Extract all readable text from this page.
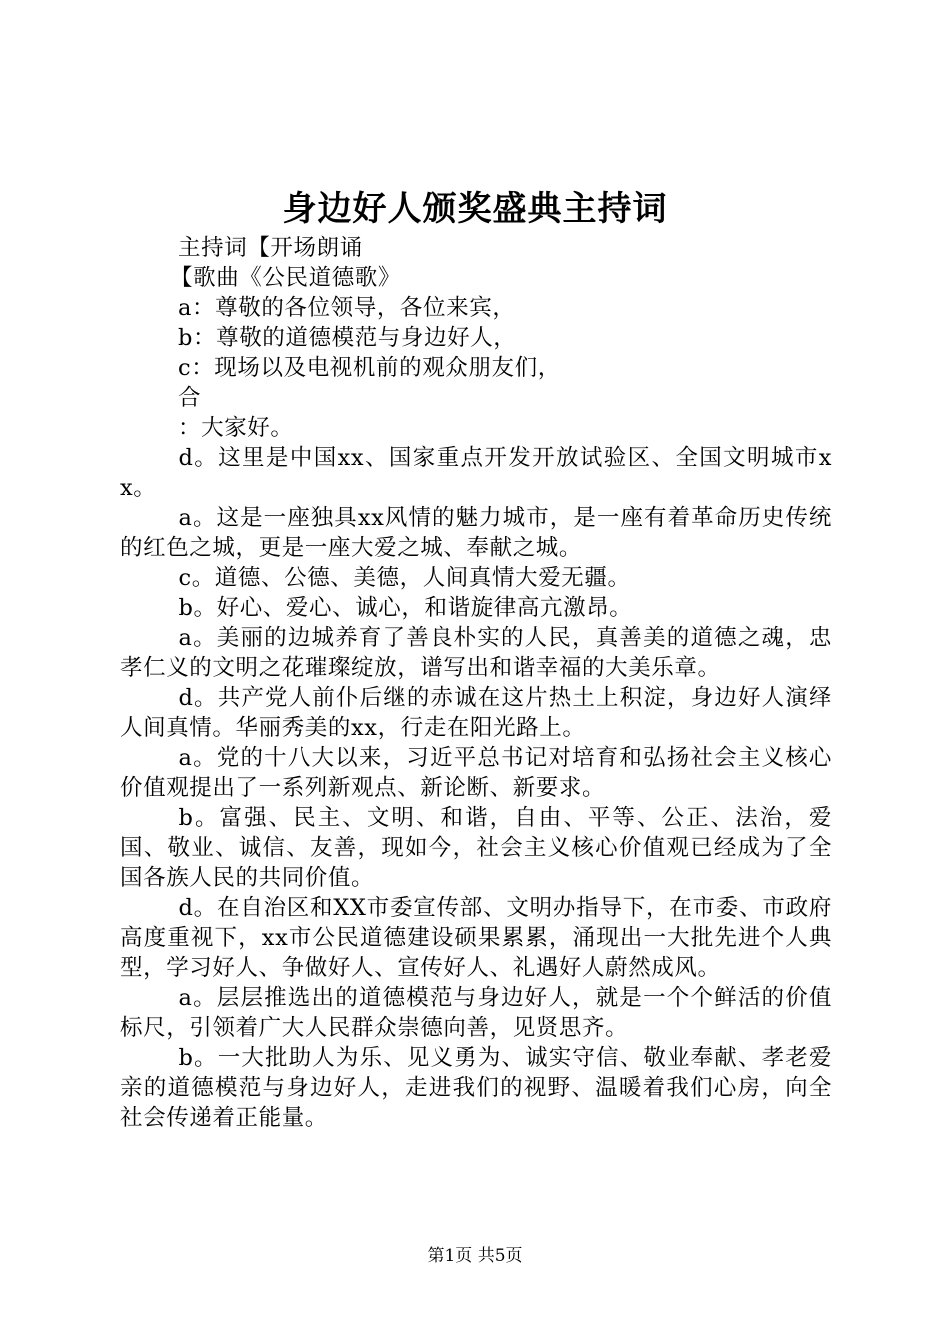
身边好人颁奖盛典主持词

主持词【开场朗诵

【歌曲《公民道德歌》

a：尊敬的各位领导，各位来宾，

b：尊敬的道德模范与身边好人，

c：现场以及电视机前的观众朋友们，

合

：大家好。

d。这里是中国xx、国家重点开发开放试验区、全国文明城市xx。

a。这是一座独具xx风情的魅力城市，是一座有着革命历史传统的红色之城，更是一座大爱之城、奉献之城。

c。道德、公德、美德，人间真情大爱无疆。

b。好心、爱心、诚心，和谐旋律高亢激昂。

a。美丽的边城养育了善良朴实的人民，真善美的道德之魂，忠孝仁义的文明之花璀璨绽放，谱写出和谐幸福的大美乐章。

d。共产党人前仆后继的赤诚在这片热土上积淀，身边好人演绎人间真情。华丽秀美的xx，行走在阳光路上。

a。党的十八大以来，习近平总书记对培育和弘扬社会主义核心价值观提出了一系列新观点、新论断、新要求。

b。富强、民主、文明、和谐，自由、平等、公正、法治，爱国、敬业、诚信、友善，现如今，社会主义核心价值观已经成为了全国各族人民的共同价值。

d。在自治区和XX市委宣传部、文明办指导下，在市委、市政府高度重视下，xx市公民道德建设硕果累累，涌现出一大批先进个人典型，学习好人、争做好人、宣传好人、礼遇好人蔚然成风。

a。层层推选出的道德模范与身边好人，就是一个个鲜活的价值标尺，引领着广大人民群众崇德向善，见贤思齐。

b。一大批助人为乐、见义勇为、诚实守信、敬业奉献、孝老爱亲的道德模范与身边好人，走进我们的视野、温暖着我们心房，向全社会传递着正能量。

第1页 共5页
